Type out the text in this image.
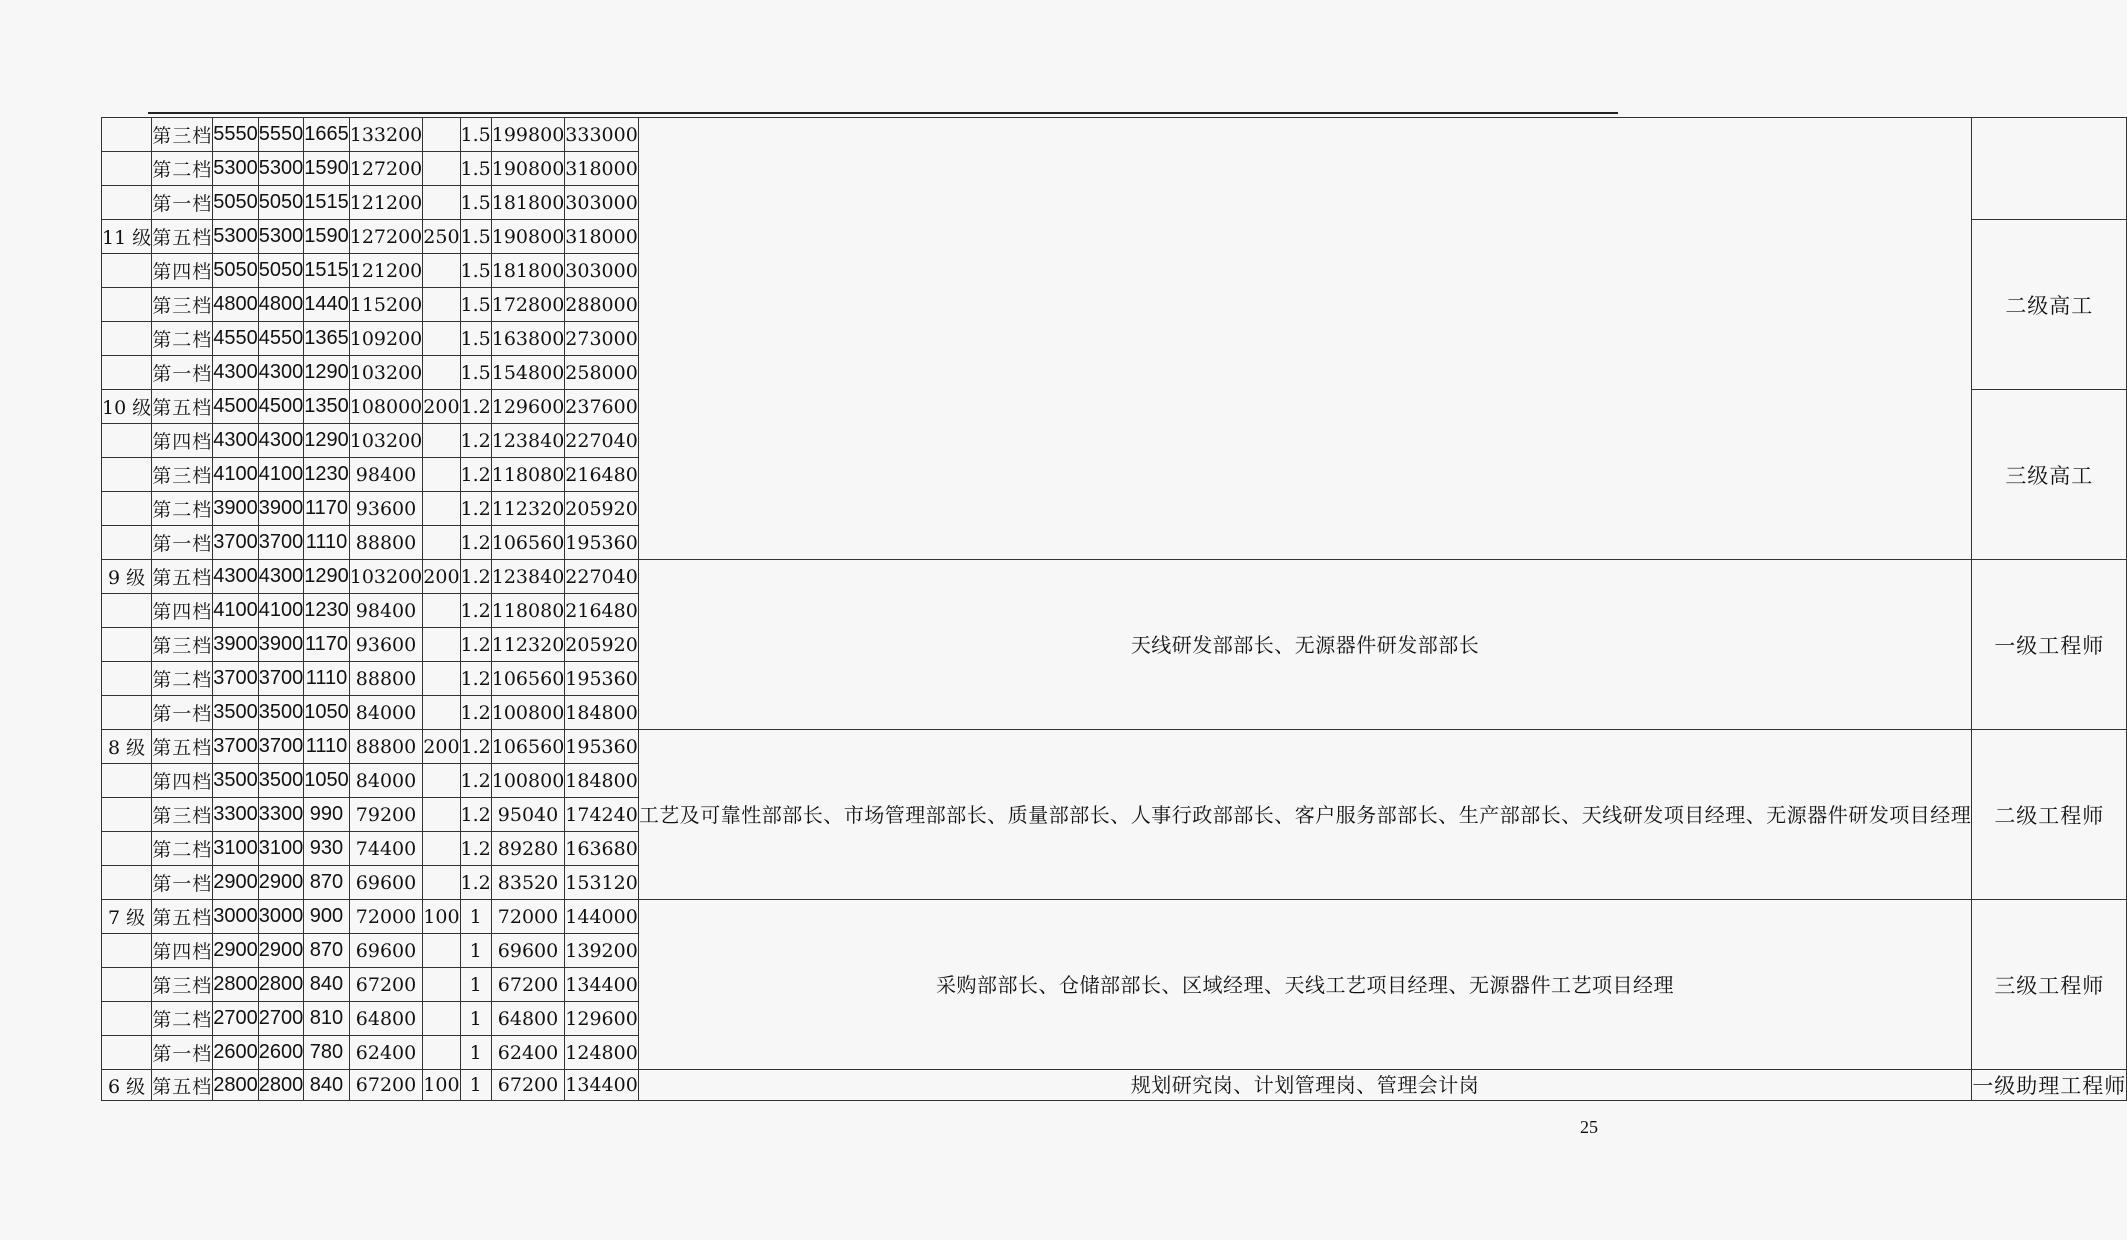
	第三档	5550	5550	1665	133200		1.5	199800	333000		
	第二档	5300	5300	1590	127200		1.5	190800	318000		
	第一档	5050	5050	1515	121200		1.5	181800	303000		
11 级	第五档	5300	5300	1590	127200	250	1.5	190800	318000		二级高工
	第四档	5050	5050	1515	121200		1.5	181800	303000		
	第三档	4800	4800	1440	115200		1.5	172800	288000		
	第二档	4550	4550	1365	109200		1.5	163800	273000		
	第一档	4300	4300	1290	103200		1.5	154800	258000		
10 级	第五档	4500	4500	1350	108000	200	1.2	129600	237600		三级高工
	第四档	4300	4300	1290	103200		1.2	123840	227040		
	第三档	4100	4100	1230	98400		1.2	118080	216480		
	第二档	3900	3900	1170	93600		1.2	112320	205920		
	第一档	3700	3700	1110	88800		1.2	106560	195360		
9 级	第五档	4300	4300	1290	103200	200	1.2	123840	227040	天线研发部部长、无源器件研发部部长	一级工程师
	第四档	4100	4100	1230	98400		1.2	118080	216480		
	第三档	3900	3900	1170	93600		1.2	112320	205920		
	第二档	3700	3700	1110	88800		1.2	106560	195360		
	第一档	3500	3500	1050	84000		1.2	100800	184800		
8 级	第五档	3700	3700	1110	88800	200	1.2	106560	195360	工艺及可靠性部部长、市场管理部部长、质量部部长、人事行政部部长、客户服务部部长、生产部部长、天线研发项目经理、无源器件研发项目经理	二级工程师
	第四档	3500	3500	1050	84000		1.2	100800	184800		
	第三档	3300	3300	990	79200		1.2	95040	174240		
	第二档	3100	3100	930	74400		1.2	89280	163680		
	第一档	2900	2900	870	69600		1.2	83520	153120		
7 级	第五档	3000	3000	900	72000	100	1	72000	144000	采购部部长、仓储部部长、区域经理、天线工艺项目经理、无源器件工艺项目经理	三级工程师
	第四档	2900	2900	870	69600		1	69600	139200		
	第三档	2800	2800	840	67200		1	67200	134400		
	第二档	2700	2700	810	64800		1	64800	129600		
	第一档	2600	2600	780	62400		1	62400	124800		
6 级	第五档	2800	2800	840	67200	100	1	67200	134400	规划研究岗、计划管理岗、管理会计岗	一级助理工程师
25
